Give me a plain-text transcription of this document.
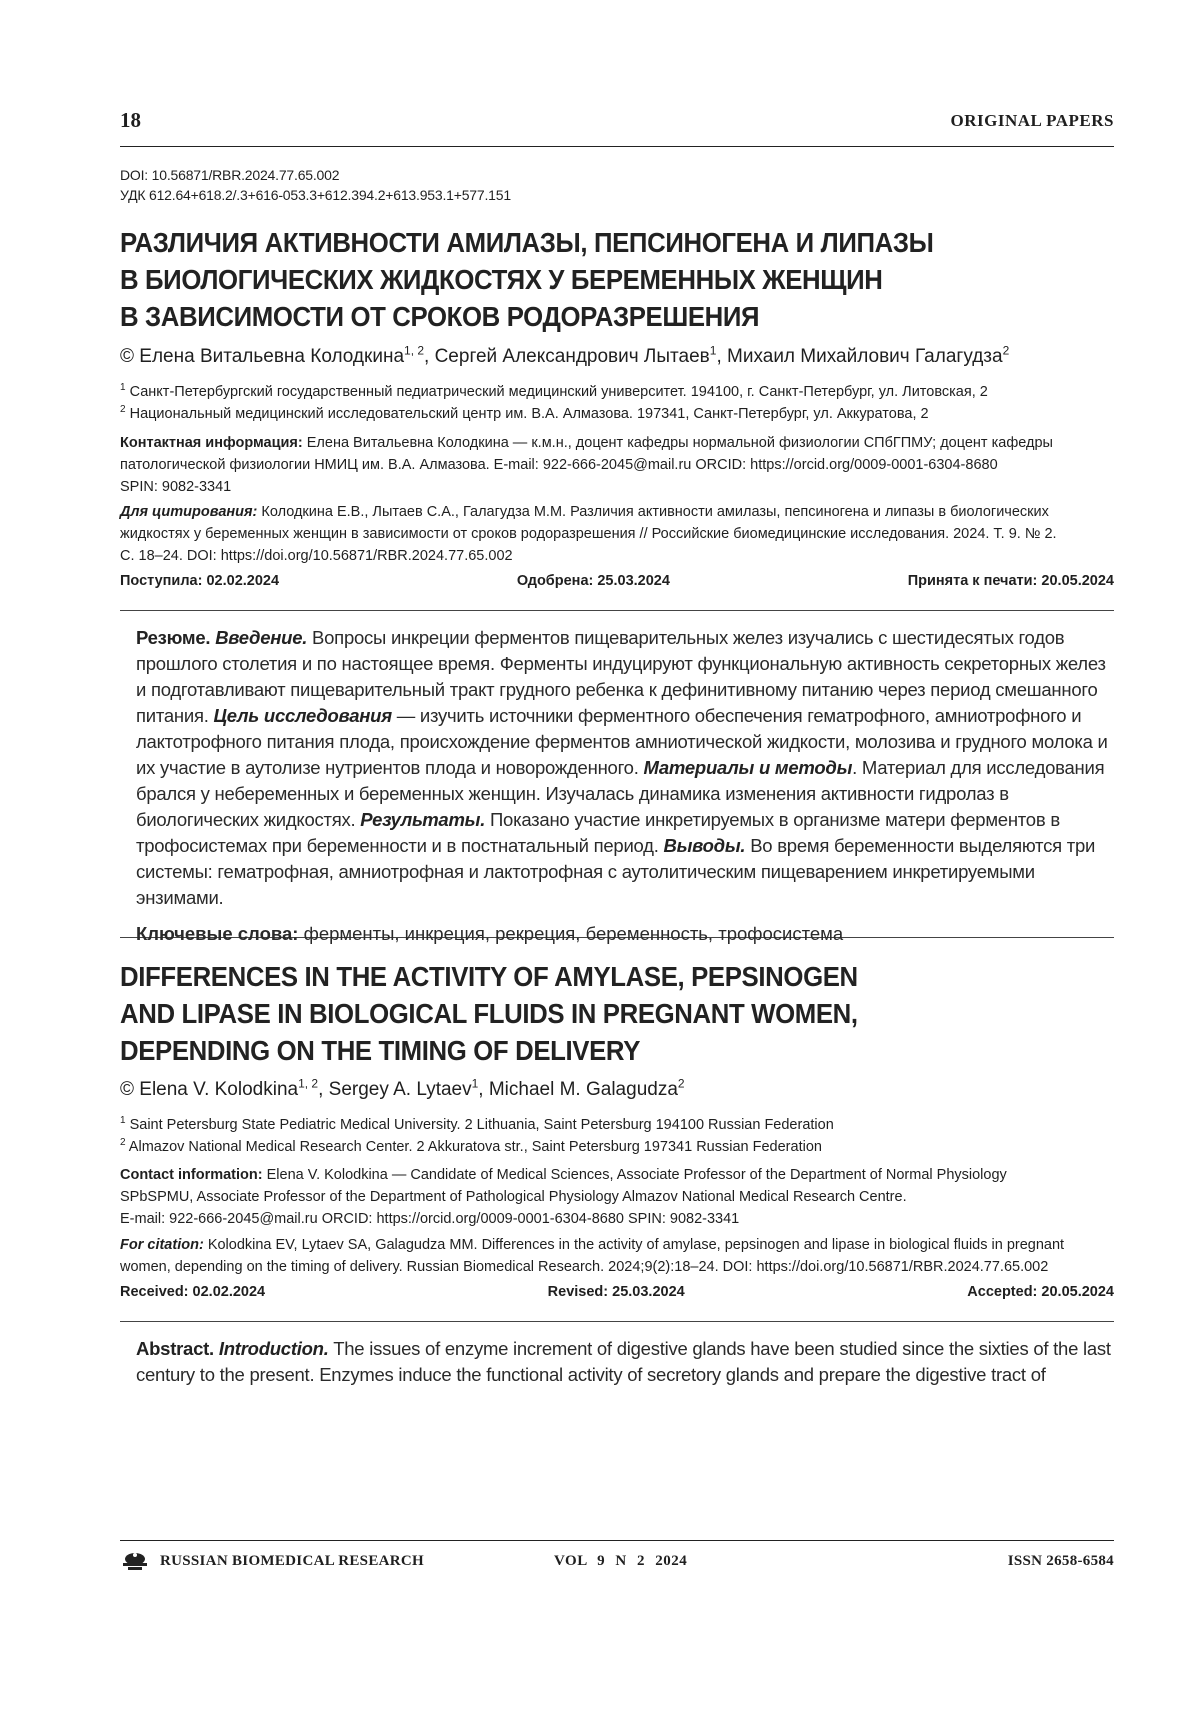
18	ORIGINAL PAPERS
DOI: 10.56871/RBR.2024.77.65.002
УДК 612.64+618.2/.3+616-053.3+612.394.2+613.953.1+577.151
РАЗЛИЧИЯ АКТИВНОСТИ АМИЛАЗЫ, ПЕПСИНОГЕНА И ЛИПАЗЫ
В БИОЛОГИЧЕСКИХ ЖИДКОСТЯХ У БЕРЕМЕННЫХ ЖЕНЩИН
В ЗАВИСИМОСТИ ОТ СРОКОВ РОДОРАЗРЕШЕНИЯ
© Елена Витальевна Колодкина$^{1, 2}$, Сергей Александрович Лытаев$^1$, Михаил Михайлович Галагудза$^2$
$^1$ Санкт-Петербургский государственный педиатрический медицинский университет. 194100, г. Санкт-Петербург, ул. Литовская, 2
$^2$ Национальный медицинский исследовательский центр им. В.А. Алмазова. 197341, Санкт-Петербург, ул. Аккуратова, 2
Контактная информация: Елена Витальевна Колодкина — к.м.н., доцент кафедры нормальной физиологии СПбГПМУ; доцент кафедры
патологической физиологии НМИЦ им. В.А. Алмазова. E-mail: 922-666-2045@mail.ru ORCID: https://orcid.org/0009-0001-6304-8680
SPIN: 9082-3341
Для цитирования: Колодкина Е.В., Лытаев С.А., Галагудза М.М. Различия активности амилазы, пепсиногена и липазы в биологических
жидкостях у беременных женщин в зависимости от сроков родоразрешения // Российские биомедицинские исследования. 2024. Т. 9. № 2.
С. 18–24. DOI: https://doi.org/10.56871/RBR.2024.77.65.002
Поступила: 02.02.2024	Одобрена: 25.03.2024	Принята к печати: 20.05.2024
Резюме. Введение. Вопросы инкреции ферментов пищеварительных желез изучались с шестидесятых годов прошлого столетия и по настоящее время. Ферменты индуцируют функциональную активность секреторных желез и подготавливают пищеварительный тракт грудного ребенка к дефинитивному питанию через период смешанного питания. Цель исследования — изучить источники ферментного обеспечения гематрофного, амниотрофного и лактотрофного питания плода, происхождение ферментов амниотической жидкости, молозива и грудного молока и их участие в аутолизе нутриентов плода и новорожденного. Материалы и методы. Материал для исследования брался у небеременных и беременных женщин. Изучалась динамика изменения активности гидролаз в биологических жидкостях. Результаты. Показано участие инкретируемых в организме матери ферментов в трофосистемах при беременности и в постнатальный период. Выводы. Во время беременности выделяются три системы: гематрофная, амниотрофная и лактотрофная с аутолитическим пищеварением инкретируемыми энзимами.
Ключевые слова: ферменты, инкреция, рекреция, беременность, трофосистема
DIFFERENCES IN THE ACTIVITY OF AMYLASE, PEPSINOGEN
AND LIPASE IN BIOLOGICAL FLUIDS IN PREGNANT WOMEN,
DEPENDING ON THE TIMING OF DELIVERY
© Elena V. Kolodkina$^{1, 2}$, Sergey A. Lytaev$^1$, Michael M. Galagudza$^2$
$^1$ Saint Petersburg State Pediatric Medical University. 2 Lithuania, Saint Petersburg 194100 Russian Federation
$^2$ Almazov National Medical Research Center. 2 Akkuratova str., Saint Petersburg 197341 Russian Federation
Contact information: Elena V. Kolodkina — Candidate of Medical Sciences, Associate Professor of the Department of Normal Physiology
SPbSPMU, Associate Professor of the Department of Pathological Physiology Almazov National Medical Research Centre.
E-mail: 922-666-2045@mail.ru ORCID: https://orcid.org/0009-0001-6304-8680 SPIN: 9082-3341
For citation: Kolodkina EV, Lytaev SA, Galagudza MM. Differences in the activity of amylase, pepsinogen and lipase in biological fluids in pregnant
women, depending on the timing of delivery. Russian Biomedical Research. 2024;9(2):18–24. DOI: https://doi.org/10.56871/RBR.2024.77.65.002
Received: 02.02.2024	Revised: 25.03.2024	Accepted: 20.05.2024
Abstract. Introduction. The issues of enzyme increment of digestive glands have been studied since the sixties of the last century to the present. Enzymes induce the functional activity of secretory glands and prepare the digestive tract of
RUSSIAN BIOMEDICAL RESEARCH	VOL 9 N 2 2024	ISSN 2658-6584
